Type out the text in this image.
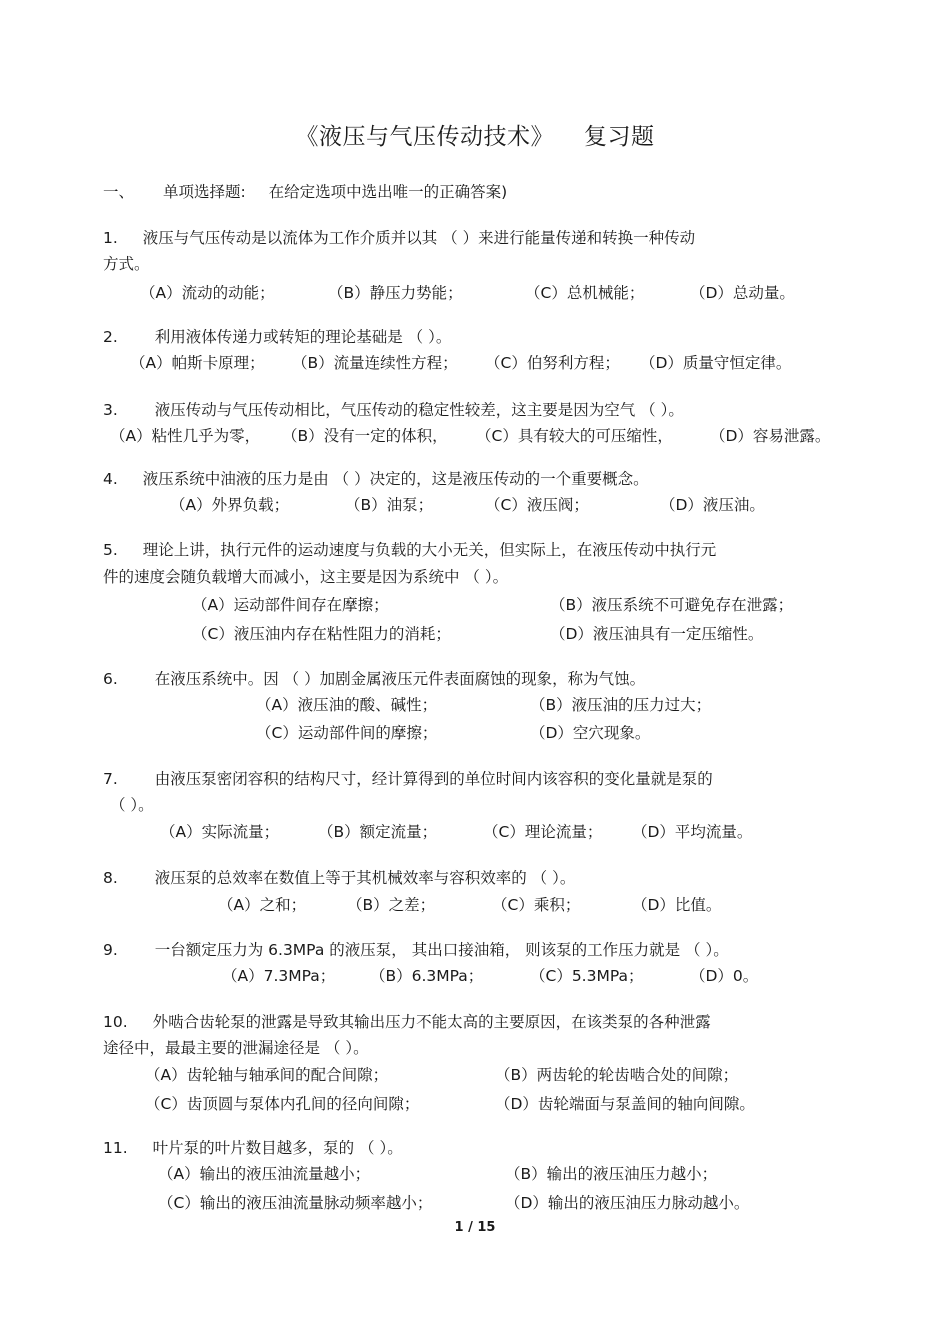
《液压与气压传动技术》 复习题
一、 单项选择题: 在给定选项中选出唯一的正确答案)
1. 液压与气压传动是以流体为工作介质并以其 （ ）来进行能量传递和转换一种传动
方式。
（A）流动的动能；	（B）静压力势能；	（C）总机械能；	（D）总动量。
2. 利用液体传递力或转矩的理论基础是 （ ）。
（A）帕斯卡原理； （B）流量连续性方程； （C）伯努利方程； （D）质量守恒定律。
3. 液压传动与气压传动相比，气压传动的稳定性较差，这主要是因为空气 （ ）。
（A）粘性几乎为零， （B）没有一定的体积， （C）具有较大的可压缩性， （D）容易泄露。
4. 液压系统中油液的压力是由 （ ）决定的，这是液压传动的一个重要概念。
（A）外界负载；	（B）油泵；	（C）液压阀；	（D）液压油。
5. 理论上讲，执行元件的运动速度与负载的大小无关，但实际上，在液压传动中执行元
件的速度会随负载增大而减小，这主要是因为系统中 （ ）。
（A）运动部件间存在摩擦；	（B）液压系统不可避免存在泄露；
（C）液压油内存在粘性阻力的消耗；	（D）液压油具有一定压缩性。
6. 在液压系统中。因 （ ）加剧金属液压元件表面腐蚀的现象，称为气蚀。
（A）液压油的酸、碱性；	（B）液压油的压力过大；
（C）运动部件间的摩擦；	（D）空穴现象。
7. 由液压泵密闭容积的结构尺寸，经计算得到的单位时间内该容积的变化量就是泵的
（ ）。
（A）实际流量；	（B）额定流量；	（C）理论流量； （D）平均流量。
8. 液压泵的总效率在数值上等于其机械效率与容积效率的 （ ）。
（A）之和；	（B）之差；	（C）乘积；	（D）比值。
9. 一台额定压力为 6.3MPa 的液压泵， 其出口接油箱， 则该泵的工作压力就是 （ ）。
（A）7.3MPa； （B）6.3MPa；	（C）5.3MPa；	（D）0。
10. 外啮合齿轮泵的泄露是导致其输出压力不能太高的主要原因，在该类泵的各种泄露
途径中，最最主要的泄漏途径是 （ ）。
（A）齿轮轴与轴承间的配合间隙；	（B）两齿轮的轮齿啮合处的间隙；
（C）齿顶圆与泵体内孔间的径向间隙；	（D）齿轮端面与泵盖间的轴向间隙。
11. 叶片泵的叶片数目越多，泵的 （ ）。
（A）输出的液压油流量越小；	（B）输出的液压油压力越小；
（C）输出的液压油流量脉动频率越小；	（D）输出的液压油压力脉动越小。
1 / 15
